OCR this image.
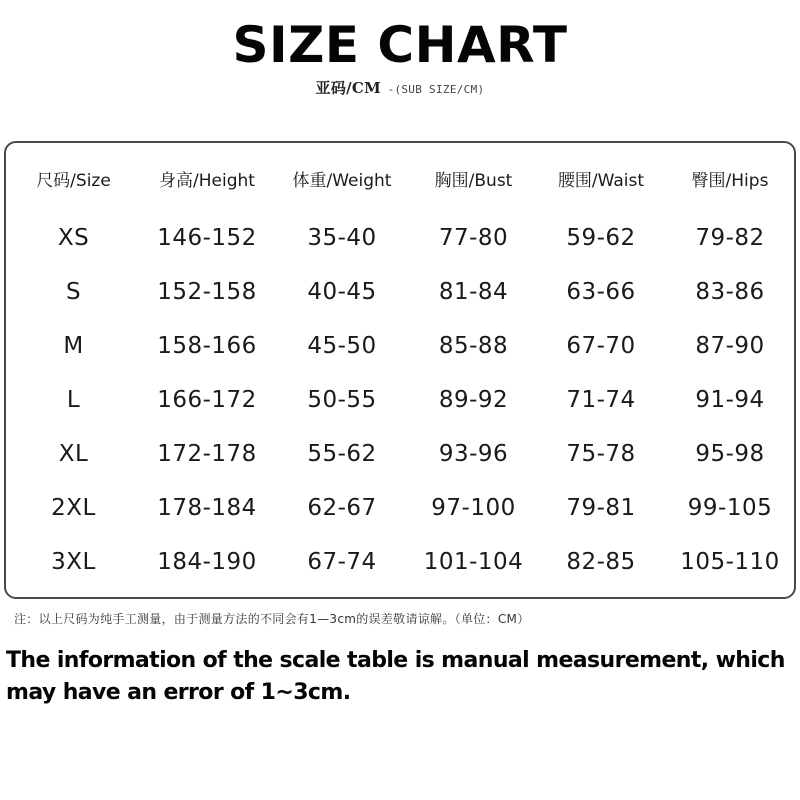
SIZE CHART
亚码/CM -(SUB SIZE/CM)
尺码/Size	身高/Height	体重/Weight	胸围/Bust	腰围/Waist	臀围/Hips
XS	146-152	35-40	77-80	59-62	79-82
S	152-158	40-45	81-84	63-66	83-86
M	158-166	45-50	85-88	67-70	87-90
L	166-172	50-55	89-92	71-74	91-94
XL	172-178	55-62	93-96	75-78	95-98
2XL	178-184	62-67	97-100	79-81	99-105
3XL	184-190	67-74	101-104	82-85	105-110
注：以上尺码为纯手工测量，由于测量方法的不同会有1—3cm的误差敬请谅解。（单位：CM）
The information of the scale table is manual measurement, which may have an error of 1~3cm.
